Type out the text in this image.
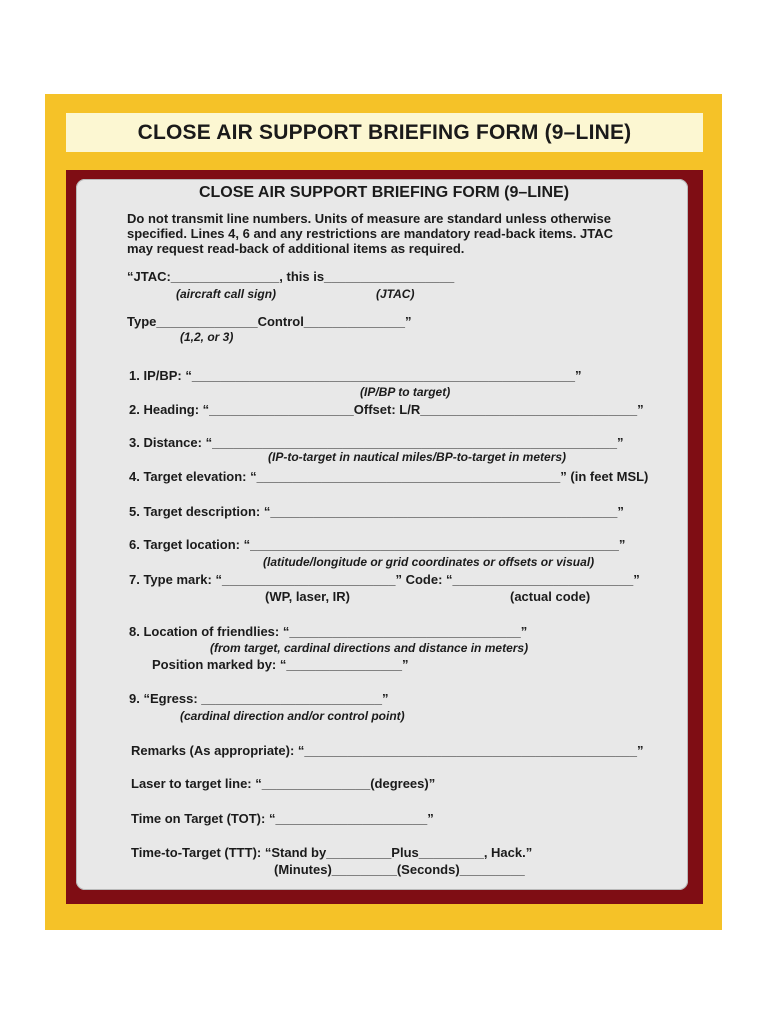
CLOSE AIR SUPPORT BRIEFING FORM (9–LINE)
CLOSE AIR SUPPORT BRIEFING FORM (9–LINE)
Do not transmit line numbers. Units of measure are standard unless otherwise
specified. Lines 4, 6 and any restrictions are mandatory read-back items. JTAC
may request read-back of additional items as required.
“JTAC:_______________, this is__________________
(aircraft call sign)	(JTAC)
Type______________Control______________”
(1,2, or 3)
1. IP/BP: “_____________________________________________________”
(IP/BP to target)
2. Heading: “____________________Offset: L/R______________________________”
3. Distance: “________________________________________________________”
(IP-to-target in nautical miles/BP-to-target in meters)
4. Target elevation: “__________________________________________” (in feet MSL)
5. Target description: “________________________________________________”
6. Target location: “___________________________________________________”
(latitude/longitude or grid coordinates or offsets or visual)
7. Type mark: “________________________” Code: “_________________________”
(WP, laser, IR)	(actual code)
8. Location of friendlies: “________________________________”
(from target, cardinal directions and distance in meters)
Position marked by: “________________”
9. “Egress: _________________________”
(cardinal direction and/or control point)
Remarks (As appropriate): “______________________________________________”
Laser to target line: “_______________(degrees)”
Time on Target (TOT): “_____________________”
Time-to-Target (TTT): “Stand by_________Plus_________, Hack.”
(Minutes)_________(Seconds)_________
